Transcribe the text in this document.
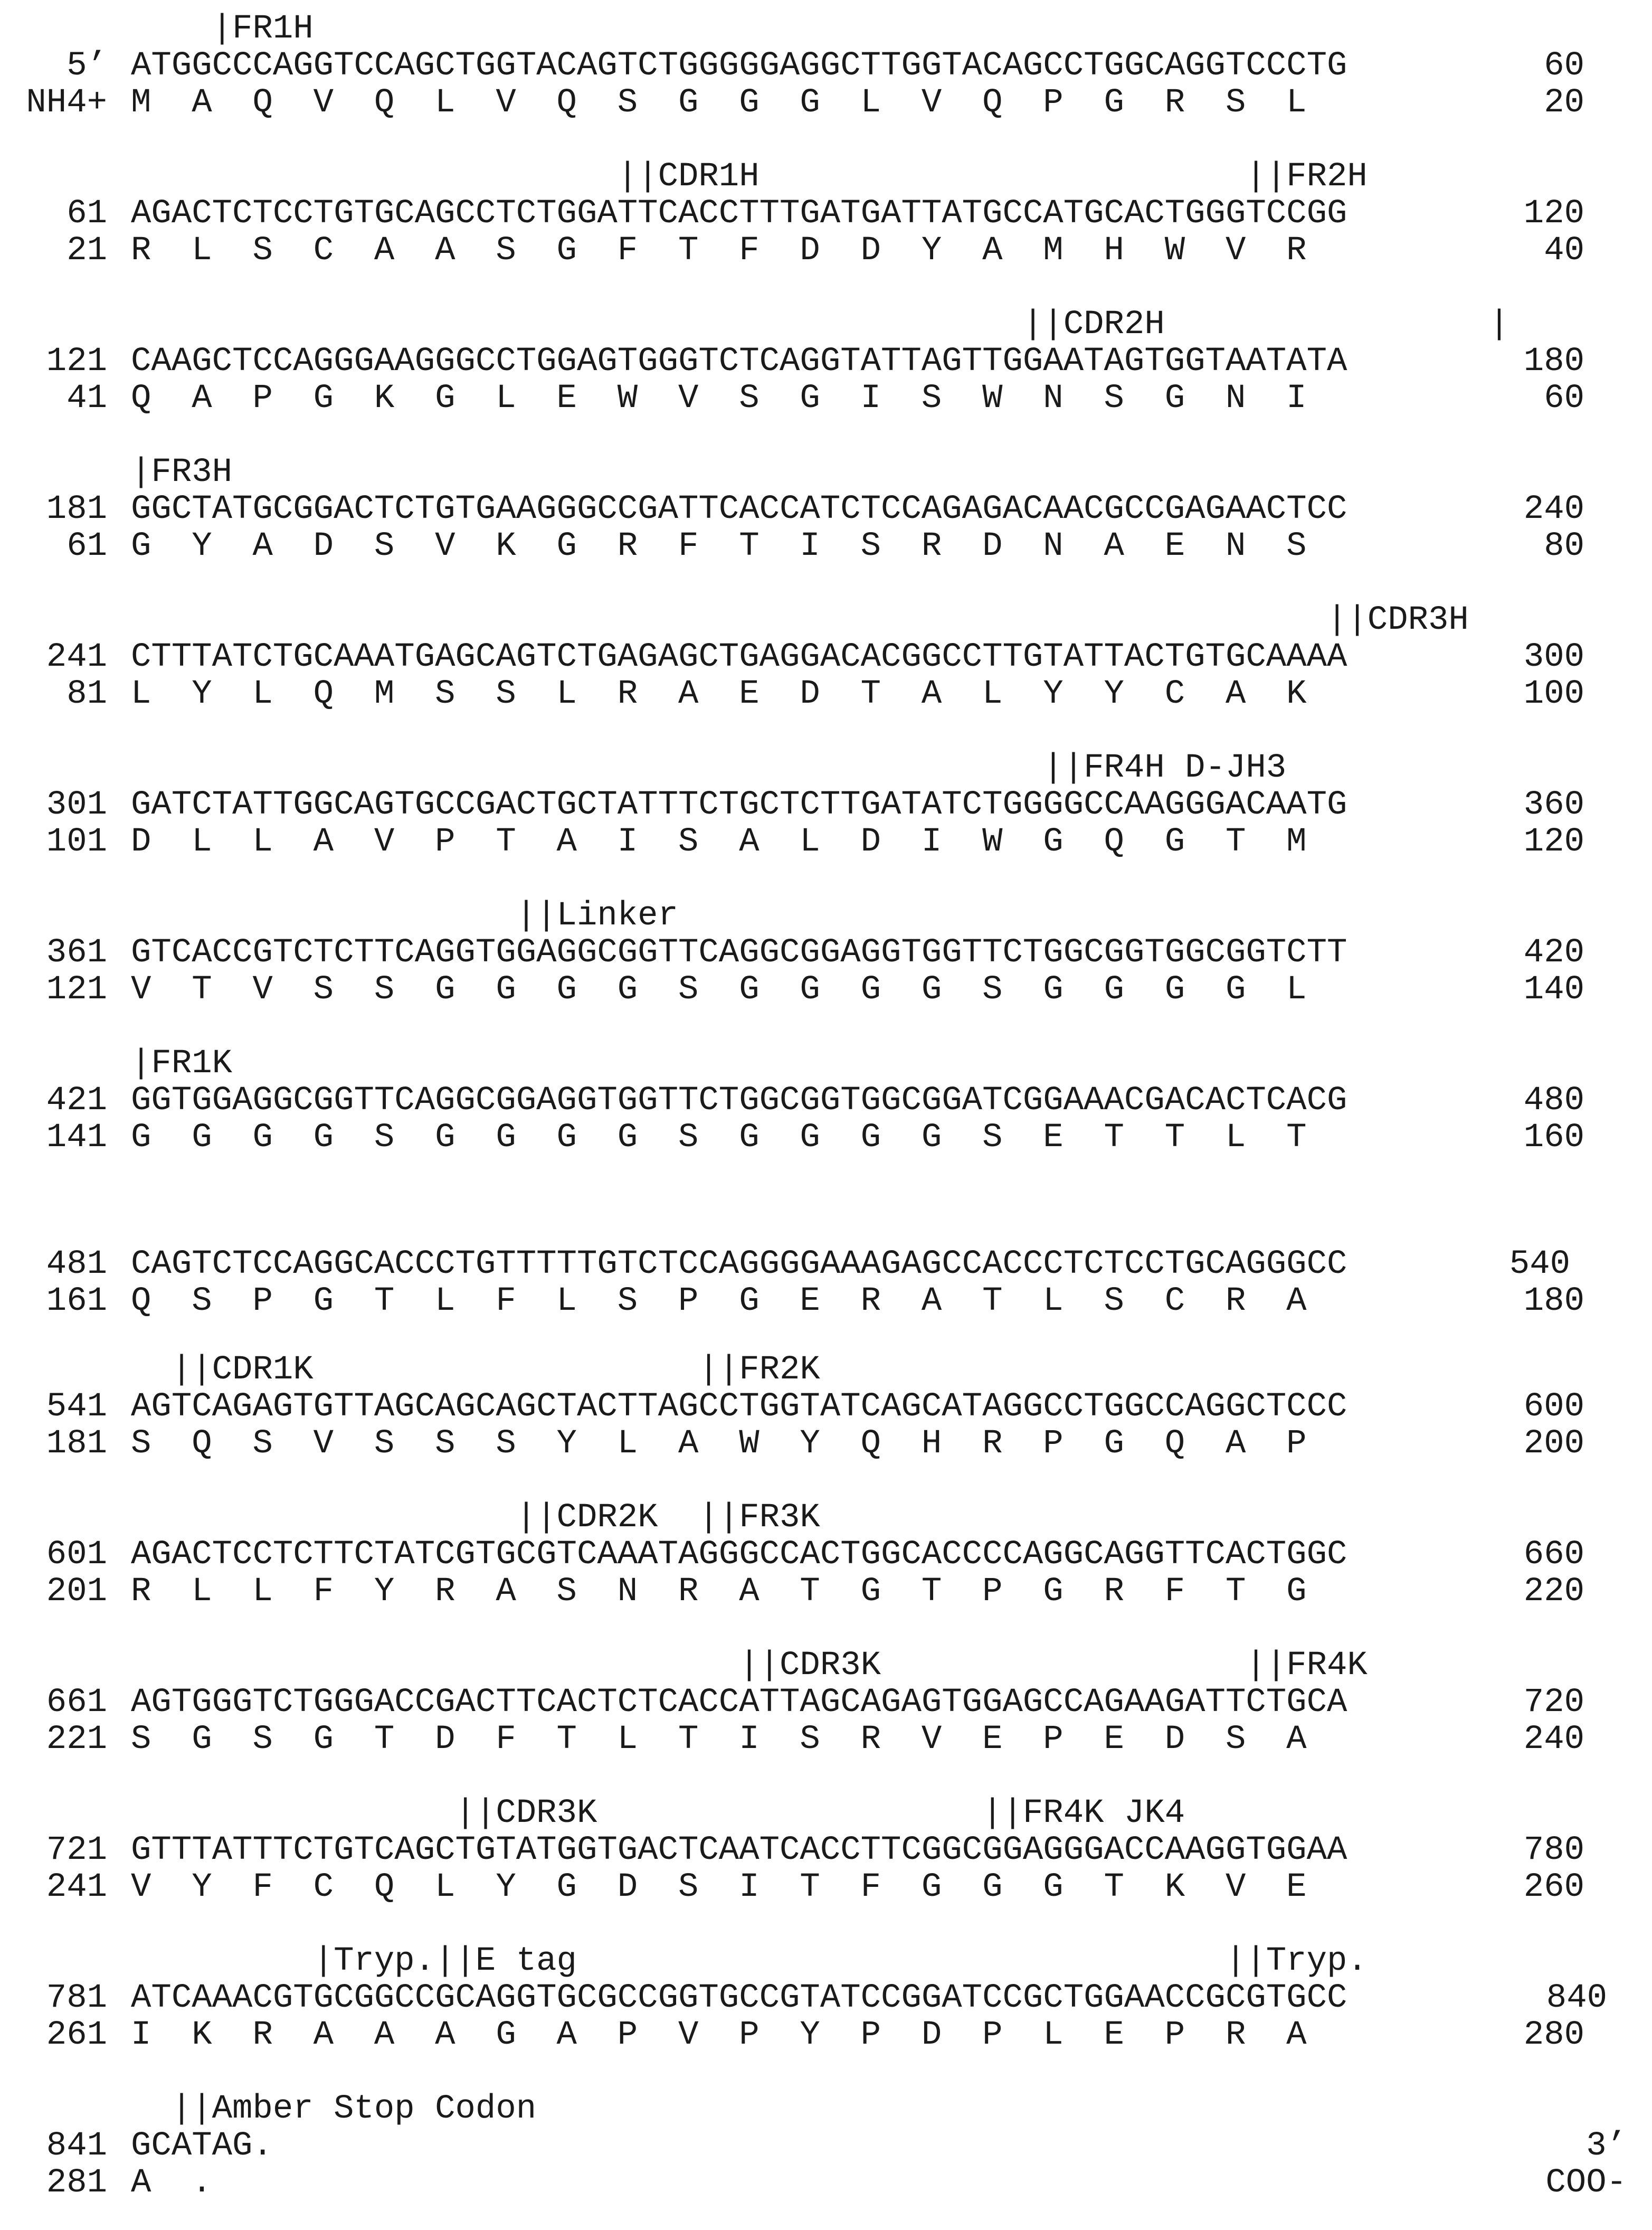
|FR1H
5’ ATGGCCCAGGTCCAGCTGGTACAGTCTGGGGGAGGCTTGGTACAGCCTGGCAGGTCCCTG	60
NH4+ M  A  Q  V  Q  L  V  Q  S  G  G  G  L  V  Q  P  G  R  S  L	20
||CDR1H                        ||FR2H
61 AGACTCTCCTGTGCAGCCTCTGGATTCACCTTTGATGATTATGCCATGCACTGGGTCCGG	120
21 R  L  S  C  A  A  S  G  F  T  F  D  D  Y  A  M  H  W  V  R	40
||CDR2H                |
121 CAAGCTCCAGGGAAGGGCCTGGAGTGGGTCTCAGGTATTAGTTGGAATAGTGGTAATATA	180
41 Q  A  P  G  K  G  L  E  W  V  S  G  I  S  W  N  S  G  N  I	60
|FR3H
181 GGCTATGCGGACTCTGTGAAGGGCCGATTCACCATCTCCAGAGACAACGCCGAGAACTCC	240
61 G  Y  A  D  S  V  K  G  R  F  T  I  S  R  D  N  A  E  N  S	80
||CDR3H
241 CTTTATCTGCAAATGAGCAGTCTGAGAGCTGAGGACACGGCCTTGTATTACTGTGCAAAA	300
81 L  Y  L  Q  M  S  S  L  R  A  E  D  T  A  L  Y  Y  C  A  K	100
||FR4H D-JH3
301 GATCTATTGGCAGTGCCGACTGCTATTTCTGCTCTTGATATCTGGGGCCAAGGGACAATG	360
101 D  L  L  A  V  P  T  A  I  S  A  L  D  I  W  G  Q  G  T  M	120
||Linker
361 GTCACCGTCTCTTCAGGTGGAGGCGGTTCAGGCGGAGGTGGTTCTGGCGGTGGCGGTCTT	420
121 V  T  V  S  S  G  G  G  G  S  G  G  G  G  S  G  G  G  G  L	140
|FR1K
421 GGTGGAGGCGGTTCAGGCGGAGGTGGTTCTGGCGGTGGCGGATCGGAAACGACACTCACG	480
141 G  G  G  G  S  G  G  G  G  S  G  G  G  G  S  E  T  T  L  T	160
481 CAGTCTCCAGGCACCCTGTTTTTGTCTCCAGGGGAAAGAGCCACCCTCTCCTGCAGGGCC	540
161 Q  S  P  G  T  L  F  L  S  P  G  E  R  A  T  L  S  C  R  A	180
||CDR1K                   ||FR2K
541 AGTCAGAGTGTTAGCAGCAGCTACTTAGCCTGGTATCAGCATAGGCCTGGCCAGGCTCCC	600
181 S  Q  S  V  S  S  S  Y  L  A  W  Y  Q  H  R  P  G  Q  A  P	200
||CDR2K  ||FR3K
601 AGACTCCTCTTCTATCGTGCGTCAAATAGGGCCACTGGCACCCCAGGCAGGTTCACTGGC	660
201 R  L  L  F  Y  R  A  S  N  R  A  T  G  T  P  G  R  F  T  G	220
||CDR3K                  ||FR4K
661 AGTGGGTCTGGGACCGACTTCACTCTCACCATTAGCAGAGTGGAGCCAGAAGATTCTGCA	720
221 S  G  S  G  T  D  F  T  L  T  I  S  R  V  E  P  E  D  S  A	240
||CDR3K                   ||FR4K JK4
721 GTTTATTTCTGTCAGCTGTATGGTGACTCAATCACCTTCGGCGGAGGGACCAAGGTGGAA	780
241 V  Y  F  C  Q  L  Y  G  D  S  I  T  F  G  G  G  T  K  V  E	260
|Tryp.||E tag                                ||Tryp.
781 ATCAAACGTGCGGCCGCAGGTGCGCCGGTGCCGTATCCGGATCCGCTGGAACCGCGTGCC	840
261 I  K  R  A  A  A  G  A  P  V  P  Y  P  D  P  L  E  P  R  A	280
||Amber Stop Codon
841 GCATAG.	3’
281 A  .	COO-
